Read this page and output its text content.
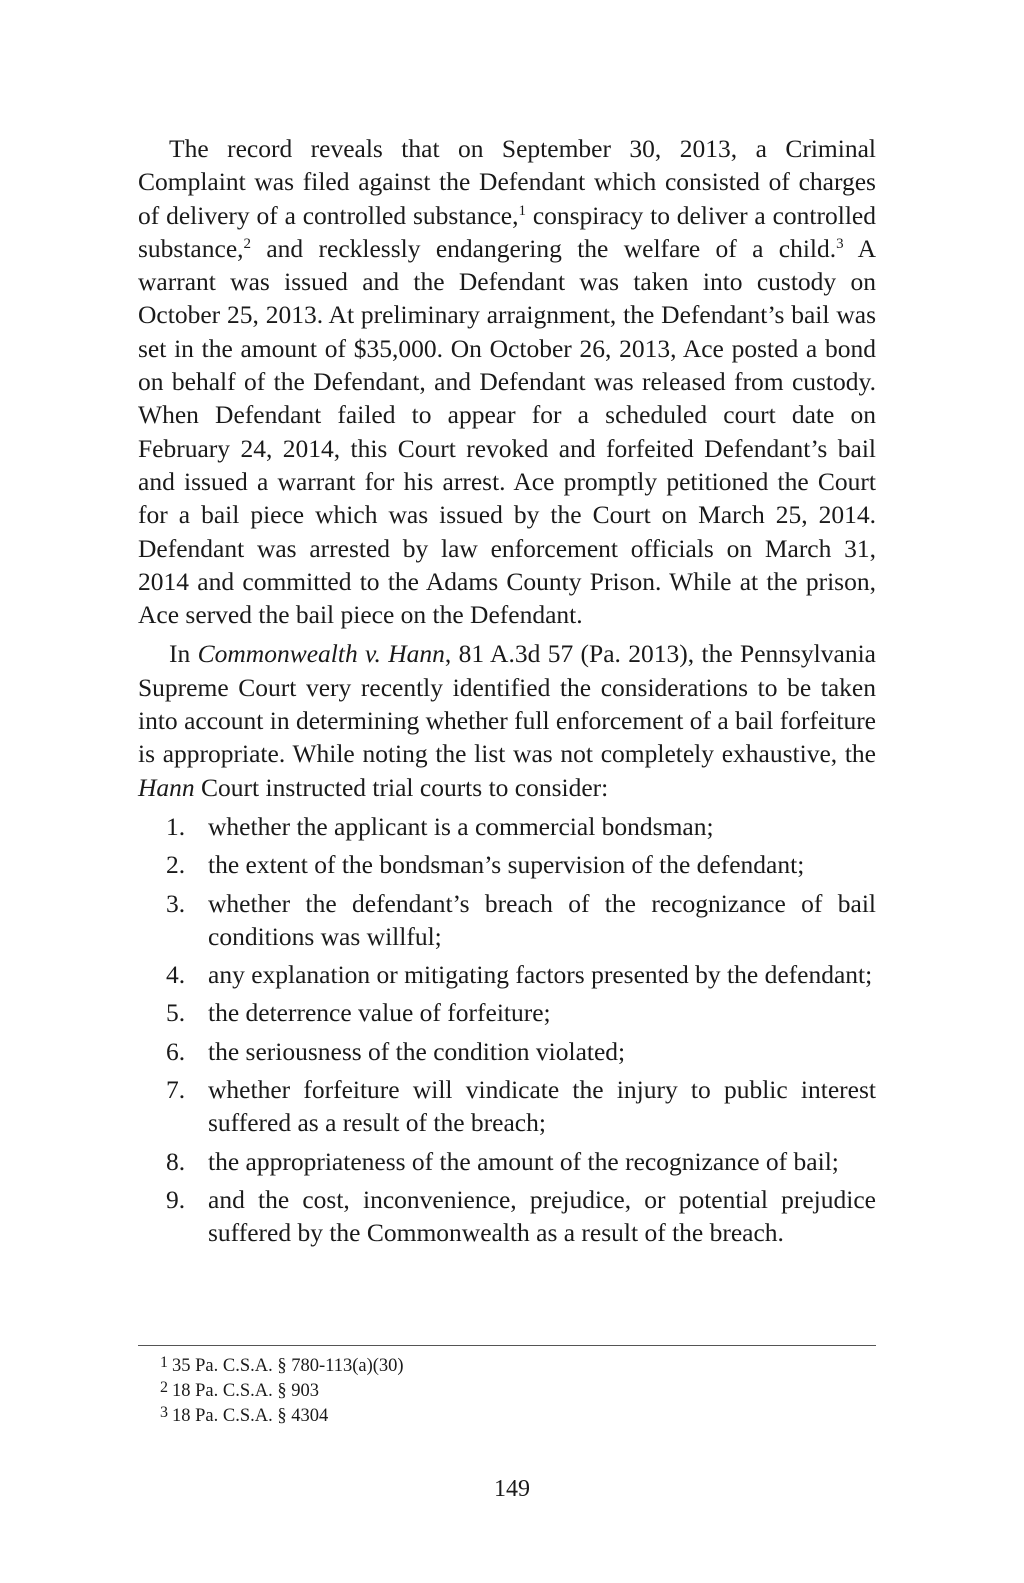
The record reveals that on September 30, 2013, a Criminal Complaint was filed against the Defendant which consisted of charges of delivery of a controlled substance,$^1$ conspiracy to deliver a controlled substance,$^2$ and recklessly endangering the welfare of a child.$^3$ A warrant was issued and the Defendant was taken into custody on October 25, 2013. At preliminary arraignment, the Defendant’s bail was set in the amount of $35,000. On October 26, 2013, Ace posted a bond on behalf of the Defendant, and Defendant was released from custody. When Defendant failed to appear for a scheduled court date on February 24, 2014, this Court revoked and forfeited Defendant’s bail and issued a warrant for his arrest. Ace promptly petitioned the Court for a bail piece which was issued by the Court on March 25, 2014. Defendant was arrested by law enforcement officials on March 31, 2014 and committed to the Adams County Prison. While at the prison, Ace served the bail piece on the Defendant.

In Commonwealth v. Hann, 81 A.3d 57 (Pa. 2013), the Pennsylvania Supreme Court very recently identified the considerations to be taken into account in determining whether full enforcement of a bail forfeiture is appropriate. While noting the list was not completely exhaustive, the Hann Court instructed trial courts to consider:

1. whether the applicant is a commercial bondsman;
2. the extent of the bondsman’s supervision of the defendant;
3. whether the defendant’s breach of the recognizance of bail conditions was willful;
4. any explanation or mitigating factors presented by the defendant;
5. the deterrence value of forfeiture;
6. the seriousness of the condition violated;
7. whether forfeiture will vindicate the injury to public interest suffered as a result of the breach;
8. the appropriateness of the amount of the recognizance of bail;
9. and the cost, inconvenience, prejudice, or potential prejudice suffered by the Commonwealth as a result of the breach.
$^1$ 35 Pa. C.S.A. § 780-113(a)(30)
$^2$ 18 Pa. C.S.A. § 903
$^3$ 18 Pa. C.S.A. § 4304
149
